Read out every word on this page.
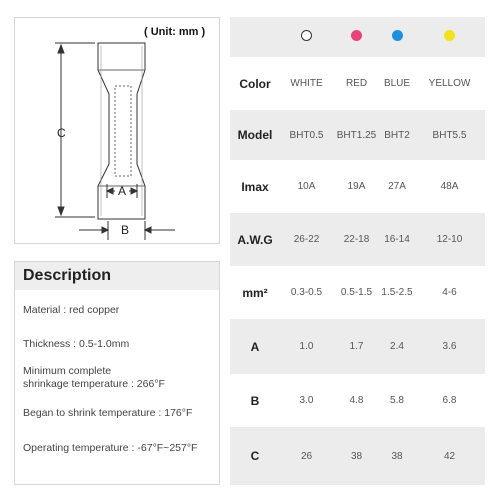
( Unit: mm )
C
A
B
Description
Material : red copper
Thickness : 0.5-1.0mm
Minimum complete
shrinkage temperature : 266°F
Began to shrink temperature : 176°F
Operating temperature : -67°F~257°F
Color	WHITE	RED	BLUE	YELLOW
Model	BHT0.5	BHT1.25 BHT2	BHT5.5
Imax	10A	19A	27A	48A
A.W.G	26-22	22-18	16-14	12-10
mm²	0.3-0.5	0.5-1.5 1.5-2.5	4-6
A	1.0	1.7	2.4	3.6
B	3.0	4.8	5.8	6.8
C	26	38	38	42
